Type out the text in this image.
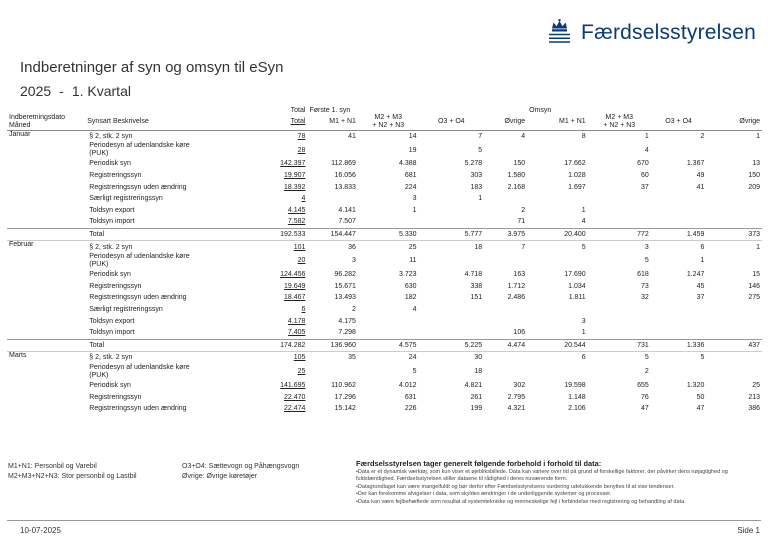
Færdselsstyrelsen
Indberetninger af syn og omsyn til eSyn
2025 - 1. Kvartal
		Total	Første 1. syn				Omsyn			
Indberetningsdato
Måned	Synsart Beskrivelse	Total	M1 + N1	M2 + M3
+ N2 + N3	O3 + O4	Øvrige	M1 + N1	M2 + M3
+ N2 + N3	O3 + O4	Øvrige
Januar	§ 2, stk. 2 syn	78	41	14	7	4	8	1	2	1
	Periodesyn af udenlandske køre
(PUK)	28		19	5			4		
	Periodisk syn	142.397	112.869	4.388	5.278	150	17.662	670	1.367	13
	Registreringssyn	19.907	16.056	681	303	1.580	1.028	60	49	150
	Registreringssyn uden ændring	18.392	13.833	224	183	2.168	1.697	37	41	209
	Særligt registreringssyn	4		3	1					
	Toldsyn export	4.145	4.141	1		2	1			
	Toldsyn import	7.582	7.507			71	4			
	Total	192.533	154.447	5.330	5.777	3.975	20.400	772	1.459	373
Februar	§ 2, stk. 2 syn	101	36	25	18	7	5	3	6	1
	Periodesyn af udenlandske køre
(PUK)	20	3	11				5	1	
	Periodisk syn	124.456	96.282	3.723	4.718	163	17.690	618	1.247	15
	Registreringssyn	19.649	15.671	630	338	1.712	1.034	73	45	146
	Registreringssyn uden ændring	18.467	13.493	182	151	2.486	1.811	32	37	275
	Særligt registreringssyn	6	2	4						
	Toldsyn export	4.178	4.175				3			
	Toldsyn import	7.405	7.298			106	1			
	Total	174.282	136.960	4.575	5.225	4.474	20.544	731	1.336	437
Marts	§ 2, stk. 2 syn	105	35	24	30		6	5	5	
	Periodesyn af udenlandske køre
(PUK)	25		5	18			2		
	Periodisk syn	141.695	110.962	4.012	4.821	302	19.598	655	1.320	25
	Registreringssyn	22.470	17.296	631	261	2.795	1.148	76	50	213
	Registreringssyn uden ændring	22.474	15.142	226	199	4.321	2.106	47	47	386
M1+N1: Personbil og Varebil
M2+M3+N2+N3: Stor personbil og Lastbil
O3+O4: Sættevogn og Påhængsvogn
Øvrige: Øvrige køretøjer
Færdselsstyrelsen tager generelt følgende forbehold i forhold til data:
•Data er et dynamisk værktøj, som kun viser et øjebliksbillede. Data kan variere over tid på grund af forskellige faktorer, der påvirker dens nøjagtighed og fuldstændighed. Færdselsstyrelsen stiller dataene til rådighed i deres nuværende form.
•Datagrundlaget kan være mangelfuldt og bør derfor efter Færdselsstyrelsens vurdering udelukkende benyttes til at vise tendenser.
•Der kan forekomme afvigelser i data, som skyldes ændringer i de underliggende systemer og processer.
•Data kan være fejlbehæftede som resultat af systemtekniske og menneskelige fejl i forbindelse med registrering og behandling af data.
10-07-2025	Side 1
